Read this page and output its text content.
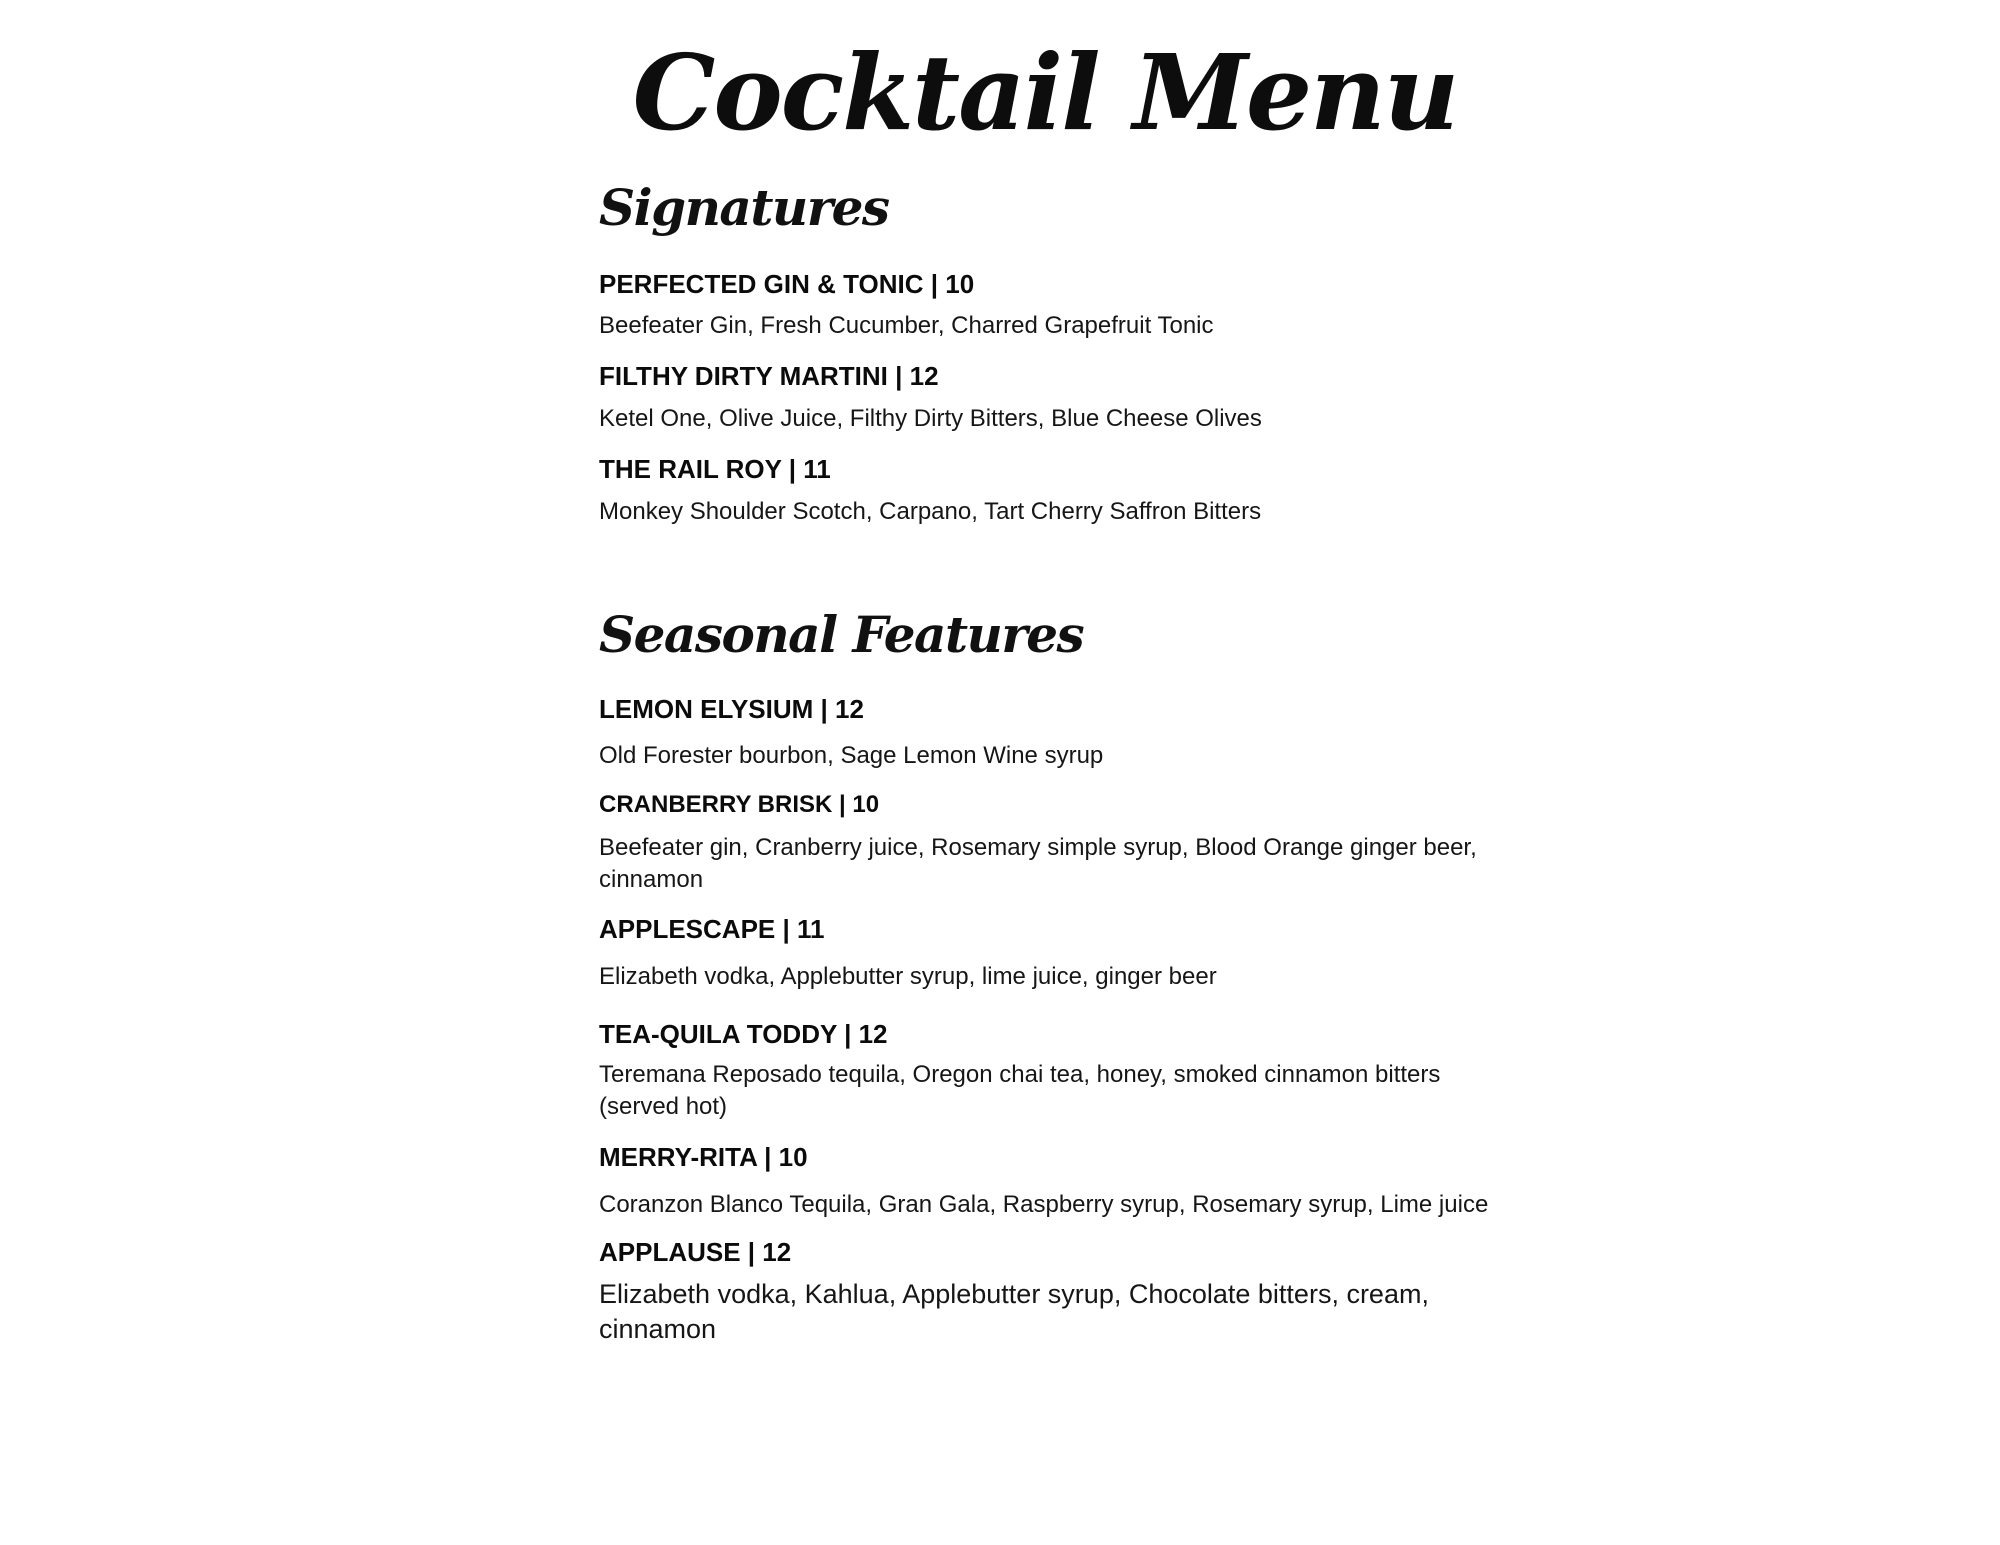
Cocktail Menu
Signatures
PERFECTED GIN & TONIC | 10
Beefeater Gin, Fresh Cucumber, Charred Grapefruit Tonic
FILTHY DIRTY MARTINI | 12
Ketel One, Olive Juice, Filthy Dirty Bitters, Blue Cheese Olives
THE RAIL ROY | 11
Monkey Shoulder Scotch, Carpano, Tart Cherry Saffron Bitters
Seasonal Features
LEMON ELYSIUM | 12
Old Forester bourbon, Sage Lemon Wine syrup
CRANBERRY BRISK | 10
Beefeater gin, Cranberry juice, Rosemary simple syrup, Blood Orange ginger beer, cinnamon
APPLESCAPE | 11
Elizabeth vodka, Applebutter syrup, lime juice, ginger beer
TEA-QUILA TODDY | 12
Teremana Reposado tequila, Oregon chai tea, honey, smoked cinnamon bitters (served hot)
MERRY-RITA | 10
Coranzon Blanco Tequila, Gran Gala, Raspberry syrup, Rosemary syrup, Lime juice
APPLAUSE | 12
Elizabeth vodka, Kahlua, Applebutter syrup, Chocolate bitters, cream, cinnamon
